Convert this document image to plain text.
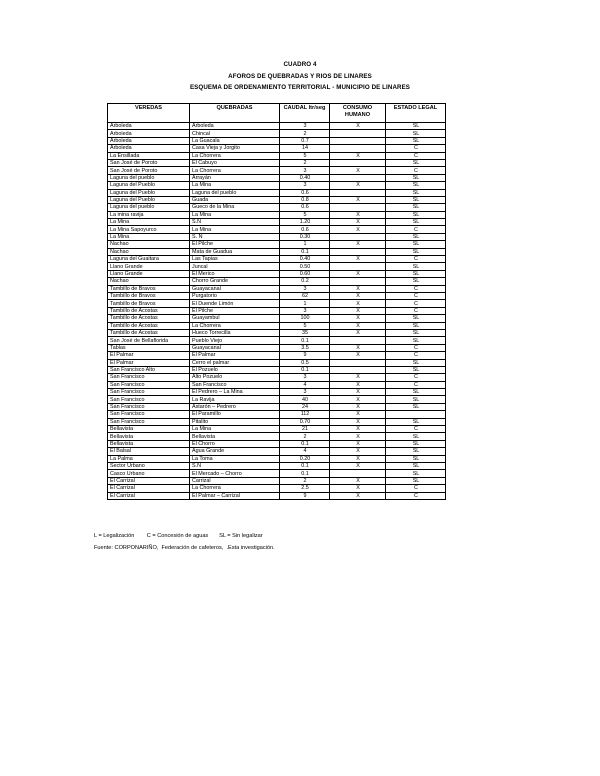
CUADRO 4
AFOROS DE QUEBRADAS Y RIOS DE LINARES
ESQUEMA DE ORDENAMIENTO TERRITORIAL - MUNICIPIO DE LINARES
VEREDAS	QUEBRADAS	CAUDAL ltr/seg	CONSUMO HUMANO	ESTADO LEGAL
Arboleda	Arboleda	3	X	SL
Arboleda	Chincal	2		SL
Arboleda	La Guacala	0.7		SL
Arboleda	Casa Vieja y Jorgito	14		C
La Ensillada	La Chorrera	5	X	C
San José de Poroto	El Cabuyo	2		SL
San José de Poroto	La Chorrera	3	X	C
Laguna del pueblo	Arrayán	0.40		SL
Laguna del Pueblo	La Mina	3	X	SL
Laguna del Pueblo	Laguna del pueblo	0.6		SL
Laguna del Pueblo	Guada	0.8	X	SL
Laguna del pueblo	Gueco de la Mina	0.6		SL
La mina ravija	La Mina	5	X	SL
La Mina	S.N	1.20	X	SL
La Mina Sapoyurco	La Mina	0.6	X	C
La Mina	S. N	0.30		SL
Nachao	El Pilche	1	X	SL
Nachao	Mata de Guadua	0.1		SL
Laguna del Guaitara	Las Tapias	0.40	X	C
Llano Grande	Juncal	0.50		SL
Llano Grande	El Merico	0.60	X	SL
Nachao	Chorro Grande	0.2		SL
Tambillo de Bravos	Guayacanal	3	X	C
Tambillo de Bravos	Purgatorio	62	X	C
Tambillo de Bravos	El Duende Limón	1	X	C
Tambillo de Acostas	El Pilche	3	X	C
Tambillo de Acostas	Guayambul	100	X	SL
Tambillo de Acostas	La Chorrera	5	X	SL
Tambillo de Acostas	Hueco Torrecilla	35	X	SL
San José de Bellaflorida	Pueblo Viejo	0.1		SL
Tablas	Guayacanal	3.5	X	C
El Palmar	El Palmar	9	X	C
El Palmar	Cerro el palmar	0.5		SL
San Francisco Alto	El Pozuelo	0.1		SL
San Francisco	Alto Pozuelo	3	X	C
San Francisco	San Francisco	4	X	C
San Francisco	El Pedrero – La Mina	3	X	SL
San Francisco	La Ravija	40	X	SL
San Francisco	Astarón – Pedrero	24	X	SL
San Francisco	El Paramillo	112	X	
San Francisco	Pitalito	0.70	X	SL
Bellavista	La Mina	21	X	C
Bellavista	Bellavista	2	X	SL
Bellavista	El Chorro	0.1	X	SL
El Balsal	Agua Grande	4	X	SL
La Palma	La Toma	0.20	X	SL
Sector Urbano	S.N	0.1	X	SL
Casco Urbano	El Mercado – Chorro	0.1		SL
El Carrizal	Carrizal	2	X	SL
El Carrizal	La Chorrera	2.5	X	C
El Carrizal	El Palmar – Carrizal	9	X	C
L = Legalización        C = Concesión de aguas       SL = Sin legalizar
Fuente: CORPONARIÑO,  Federación de cafeteros,  .Esta investigación.
